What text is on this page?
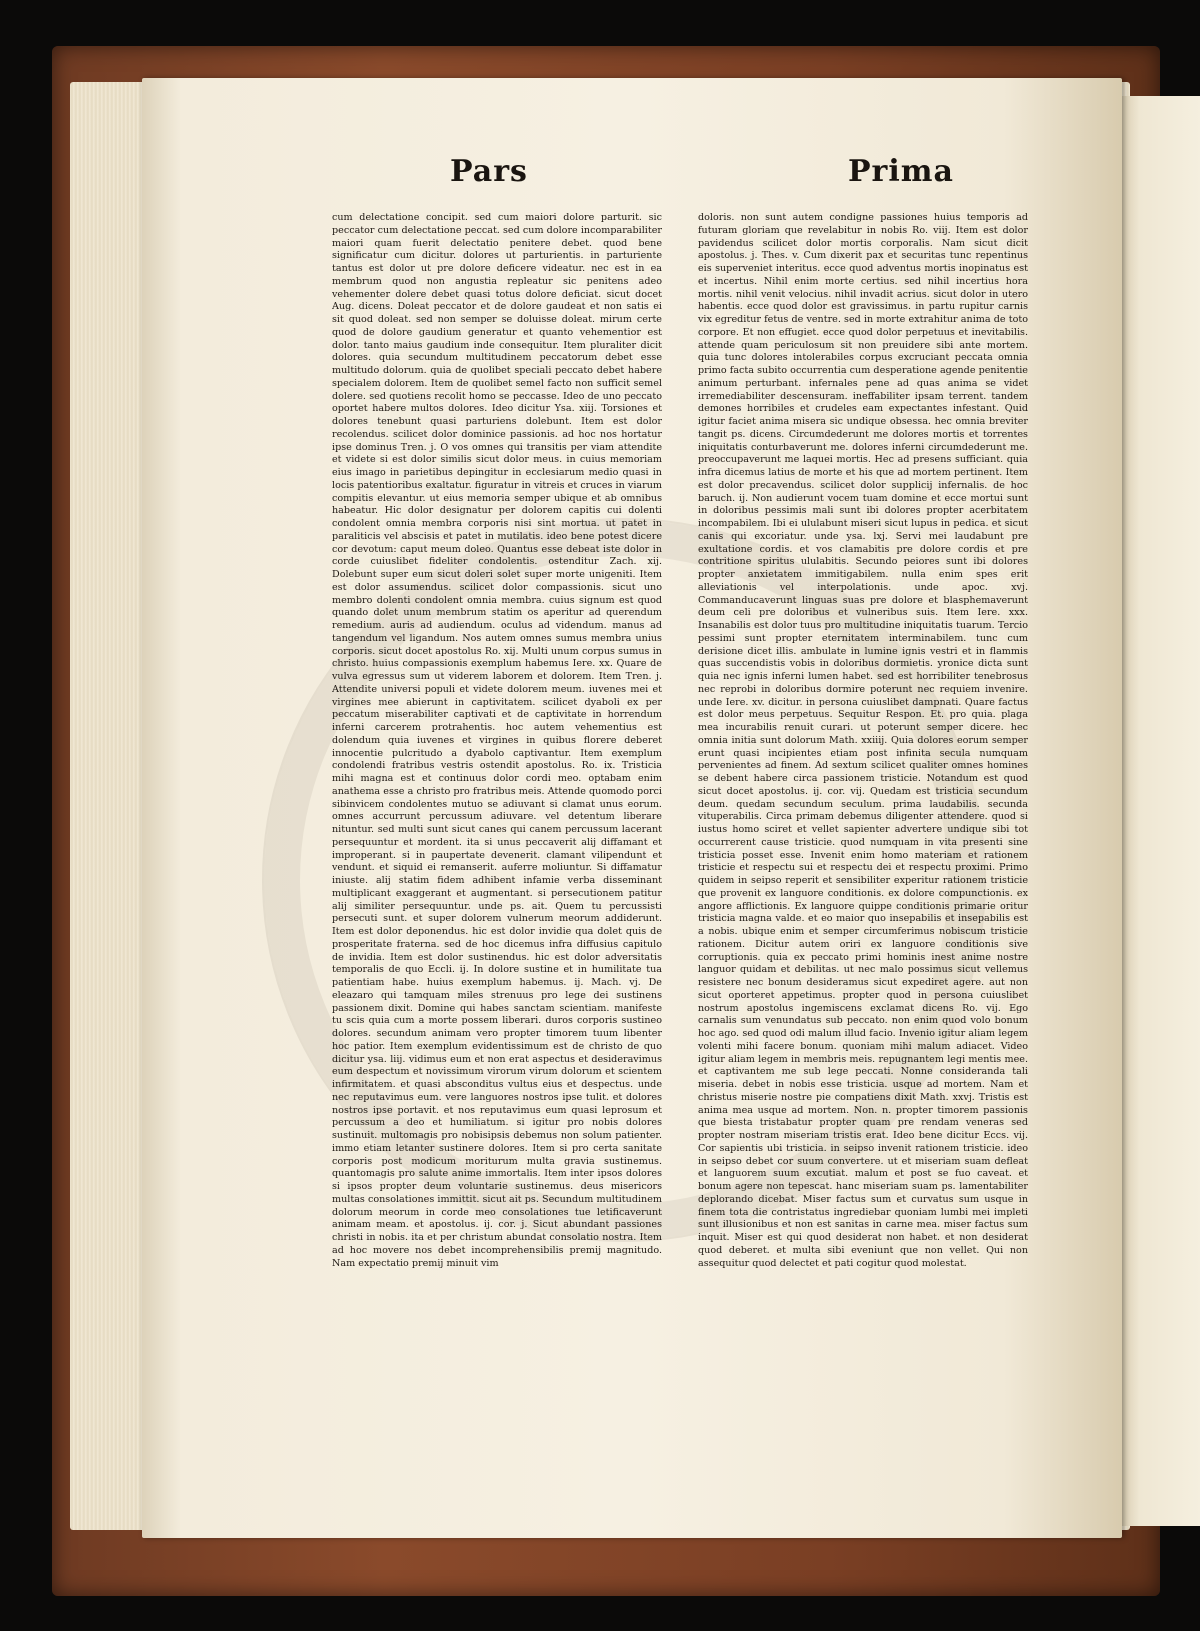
Pars	Prima

cum delectatione concipit. sed cum maiori dolore parturit. sic peccator cum delectatione peccat. sed cum dolore incomparabiliter maiori quam fuerit delectatio penitere debet. quod bene significatur cum dicitur. dolores ut parturientis. in parturiente tantus est dolor ut pre dolore deficere videatur. nec est in ea membrum quod non angustia repleatur sic penitens adeo vehementer dolere debet quasi totus dolore deficiat. sicut docet Aug. dicens. Doleat peccator et de dolore gaudeat et non satis ei sit quod doleat. sed non semper se doluisse doleat. mirum certe quod de dolore gaudium generatur et quanto vehementior est dolor. tanto maius gaudium inde consequitur. Item pluraliter dicit dolores. quia secundum multitudinem peccatorum debet esse multitudo dolorum. quia de quolibet speciali peccato debet habere specialem dolorem. Item de quolibet semel facto non sufficit semel dolere. sed quotiens recolit homo se peccasse. Ideo de uno peccato oportet habere multos dolores. Ideo dicitur Ysa. xiij. Torsiones et dolores tenebunt quasi parturiens dolebunt. Item est dolor recolendus. scilicet dolor dominice passionis. ad hoc nos hortatur ipse dominus Tren. j. O vos omnes qui transitis per viam attendite et videte si est dolor similis sicut dolor meus. in cuius memoriam eius imago in parietibus depingitur in ecclesiarum medio quasi in locis patentioribus exaltatur. figuratur in vitreis et cruces in viarum compitis elevantur. ut eius memoria semper ubique et ab omnibus habeatur. Hic dolor designatur per dolorem capitis cui dolenti condolent omnia membra corporis nisi sint mortua. ut patet in paraliticis vel abscisis et patet in mutilatis. ideo bene potest dicere cor devotum: caput meum doleo. Quantus esse debeat iste dolor in corde cuiuslibet fideliter condolentis. ostenditur Zach. xij. Dolebunt super eum sicut doleri solet super morte unigeniti. Item est dolor assumendus. scilicet dolor compassionis. sicut uno membro dolenti condolent omnia membra. cuius signum est quod quando dolet unum membrum statim os aperitur ad querendum remedium. auris ad audiendum. oculus ad videndum. manus ad tangendum vel ligandum. Nos autem omnes sumus membra unius corporis. sicut docet apostolus Ro. xij. Multi unum corpus sumus in christo. huius compassionis exemplum habemus Iere. xx. Quare de vulva egressus sum ut viderem laborem et dolorem. Item Tren. j. Attendite universi populi et videte dolorem meum. iuvenes mei et virgines mee abierunt in captivitatem. scilicet dyaboli ex per peccatum miserabiliter captivati et de captivitate in horrendum inferni carcerem protrahentis. hoc autem vehementius est dolendum quia iuvenes et virgines in quibus florere deberet innocentie pulcritudo a dyabolo captivantur. Item exemplum condolendi fratribus vestris ostendit apostolus. Ro. ix. Tristicia mihi magna est et continuus dolor cordi meo. optabam enim anathema esse a christo pro fratribus meis. Attende quomodo porci sibinvicem condolentes mutuo se adiuvant si clamat unus eorum. omnes accurrunt percussum adiuvare. vel detentum liberare nituntur. sed multi sunt sicut canes qui canem percussum lacerant persequuntur et mordent. ita si unus peccaverit alij diffamant et improperant. si in paupertate devenerit. clamant vilipendunt et vendunt. et siquid ei remanserit. auferre moliuntur. Si diffamatur iniuste. alij statim fidem adhibent infamie verba disseminant multiplicant exaggerant et augmentant. si persecutionem patitur alij similiter persequuntur. unde ps. ait. Quem tu percussisti persecuti sunt. et super dolorem vulnerum meorum addiderunt. Item est dolor deponendus. hic est dolor invidie qua dolet quis de prosperitate fraterna. sed de hoc dicemus infra diffusius capitulo de invidia. Item est dolor sustinendus. hic est dolor adversitatis temporalis de quo Eccli. ij. In dolore sustine et in humilitate tua patientiam habe. huius exemplum habemus. ij. Mach. vj. De eleazaro qui tamquam miles strenuus pro lege dei sustinens passionem dixit. Domine qui habes sanctam scientiam. manifeste tu scis quia cum a morte possem liberari. duros corporis sustineo dolores. secundum animam vero propter timorem tuum libenter hoc patior. Item exemplum evidentissimum est de christo de quo dicitur ysa. liij. vidimus eum et non erat aspectus et desideravimus eum despectum et novissimum virorum virum dolorum et scientem infirmitatem. et quasi absconditus vultus eius et despectus. unde nec reputavimus eum. vere languores nostros ipse tulit. et dolores nostros ipse portavit. et nos reputavimus eum quasi leprosum et percussum a deo et humiliatum. si igitur pro nobis dolores sustinuit. multomagis pro nobisipsis debemus non solum patienter. immo etiam letanter sustinere dolores. Item si pro certa sanitate corporis post modicum moriturum multa gravia sustinemus. quantomagis pro salute anime immortalis. Item inter ipsos dolores si ipsos propter deum voluntarie sustinemus. deus misericors multas consolationes immittit. sicut ait ps. Secundum multitudinem dolorum meorum in corde meo consolationes tue letificaverunt animam meam. et apostolus. ij. cor. j. Sicut abundant passiones christi in nobis. ita et per christum abundat consolatio nostra. Item ad hoc movere nos debet incomprehensibilis premij magnitudo. Nam expectatio premij minuit vim

doloris. non sunt autem condigne passiones huius temporis ad futuram gloriam que revelabitur in nobis Ro. viij. Item est dolor pavidendus scilicet dolor mortis corporalis. Nam sicut dicit apostolus. j. Thes. v. Cum dixerit pax et securitas tunc repentinus eis superveniet interitus. ecce quod adventus mortis inopinatus est et incertus. Nihil enim morte certius. sed nihil incertius hora mortis. nihil venit velocius. nihil invadit acrius. sicut dolor in utero habentis. ecce quod dolor est gravissimus. in partu rupitur carnis vix egreditur fetus de ventre. sed in morte extrahitur anima de toto corpore. Et non effugiet. ecce quod dolor perpetuus et inevitabilis. attende quam periculosum sit non preuidere sibi ante mortem. quia tunc dolores intolerabiles corpus excruciant peccata omnia primo facta subito occurrentia cum desperatione agende penitentie animum perturbant. infernales pene ad quas anima se videt irremediabiliter descensuram. ineffabiliter ipsam terrent. tandem demones horribiles et crudeles eam expectantes infestant. Quid igitur faciet anima misera sic undique obsessa. hec omnia breviter tangit ps. dicens. Circumdederunt me dolores mortis et torrentes iniquitatis conturbaverunt me. dolores inferni circumdederunt me. preoccupaverunt me laquei mortis. Hec ad presens sufficiant. quia infra dicemus latius de morte et his que ad mortem pertinent. Item est dolor precavendus. scilicet dolor supplicij infernalis. de hoc baruch. ij. Non audierunt vocem tuam domine et ecce mortui sunt in doloribus pessimis mali sunt ibi dolores propter acerbitatem incompabilem. Ibi ei ululabunt miseri sicut lupus in pedica. et sicut canis qui excoriatur. unde ysa. lxj. Servi mei laudabunt pre exultatione cordis. et vos clamabitis pre dolore cordis et pre contritione spiritus ululabitis. Secundo peiores sunt ibi dolores propter anxietatem immitigabilem. nulla enim spes erit alleviationis vel interpolationis. unde apoc. xvj. Commanducaverunt linguas suas pre dolore et blasphemaverunt deum celi pre doloribus et vulneribus suis. Item Iere. xxx. Insanabilis est dolor tuus pro multitudine iniquitatis tuarum. Tercio pessimi sunt propter eternitatem interminabilem. tunc cum derisione dicet illis. ambulate in lumine ignis vestri et in flammis quas succendistis vobis in doloribus dormietis. yronice dicta sunt quia nec ignis inferni lumen habet. sed est horribiliter tenebrosus nec reprobi in doloribus dormire poterunt nec requiem invenire. unde Iere. xv. dicitur. in persona cuiuslibet dampnati. Quare factus est dolor meus perpetuus. Sequitur Respon. Et. pro quia. plaga mea incurabilis renuit curari. ut poterunt semper dicere. hec omnia initia sunt dolorum Math. xxiiij. Quia dolores eorum semper erunt quasi incipientes etiam post infinita secula numquam pervenientes ad finem. Ad sextum scilicet qualiter omnes homines se debent habere circa passionem tristicie. Notandum est quod sicut docet apostolus. ij. cor. vij. Quedam est tristicia secundum deum. quedam secundum seculum. prima laudabilis. secunda vituperabilis. Circa primam debemus diligenter attendere. quod si iustus homo sciret et vellet sapienter advertere undique sibi tot occurrerent cause tristicie. quod numquam in vita presenti sine tristicia posset esse. Invenit enim homo materiam et rationem tristicie et respectu sui et respectu dei et respectu proximi. Primo quidem in seipso reperit et sensibiliter experitur rationem tristicie que provenit ex languore conditionis. ex dolore compunctionis. ex angore afflictionis. Ex languore quippe conditionis primarie oritur tristicia magna valde. et eo maior quo insepabilis et insepabilis est a nobis. ubique enim et semper circumferimus nobiscum tristicie rationem. Dicitur autem oriri ex languore conditionis sive corruptionis. quia ex peccato primi hominis inest anime nostre languor quidam et debilitas. ut nec malo possimus sicut vellemus resistere nec bonum desideramus sicut expediret agere. aut non sicut oporteret appetimus. propter quod in persona cuiuslibet nostrum apostolus ingemiscens exclamat dicens Ro. vij. Ego carnalis sum venundatus sub peccato. non enim quod volo bonum hoc ago. sed quod odi malum illud facio. Invenio igitur aliam legem volenti mihi facere bonum. quoniam mihi malum adiacet. Video igitur aliam legem in membris meis. repugnantem legi mentis mee. et captivantem me sub lege peccati. Nonne consideranda tali miseria. debet in nobis esse tristicia. usque ad mortem. Nam et christus miserie nostre pie compatiens dixit Math. xxvj. Tristis est anima mea usque ad mortem. Non. n. propter timorem passionis que biesta tristabatur propter quam pre rendam veneras sed propter nostram miseriam tristis erat. Ideo bene dicitur Eccs. vij. Cor sapientis ubi tristicia. in seipso invenit rationem tristicie. ideo in seipso debet cor suum convertere. ut et miseriam suam defleat et languorem suum excutiat. malum et post se fuo caveat. et bonum agere non tepescat. hanc miseriam suam ps. lamentabiliter deplorando dicebat. Miser factus sum et curvatus sum usque in finem tota die contristatus ingrediebar quoniam lumbi mei impleti sunt illusionibus et non est sanitas in carne mea. miser factus sum inquit. Miser est qui quod desiderat non habet. et non desiderat quod deberet. et multa sibi eveniunt que non vellet. Qui non assequitur quod delectet et pati cogitur quod molestat.
